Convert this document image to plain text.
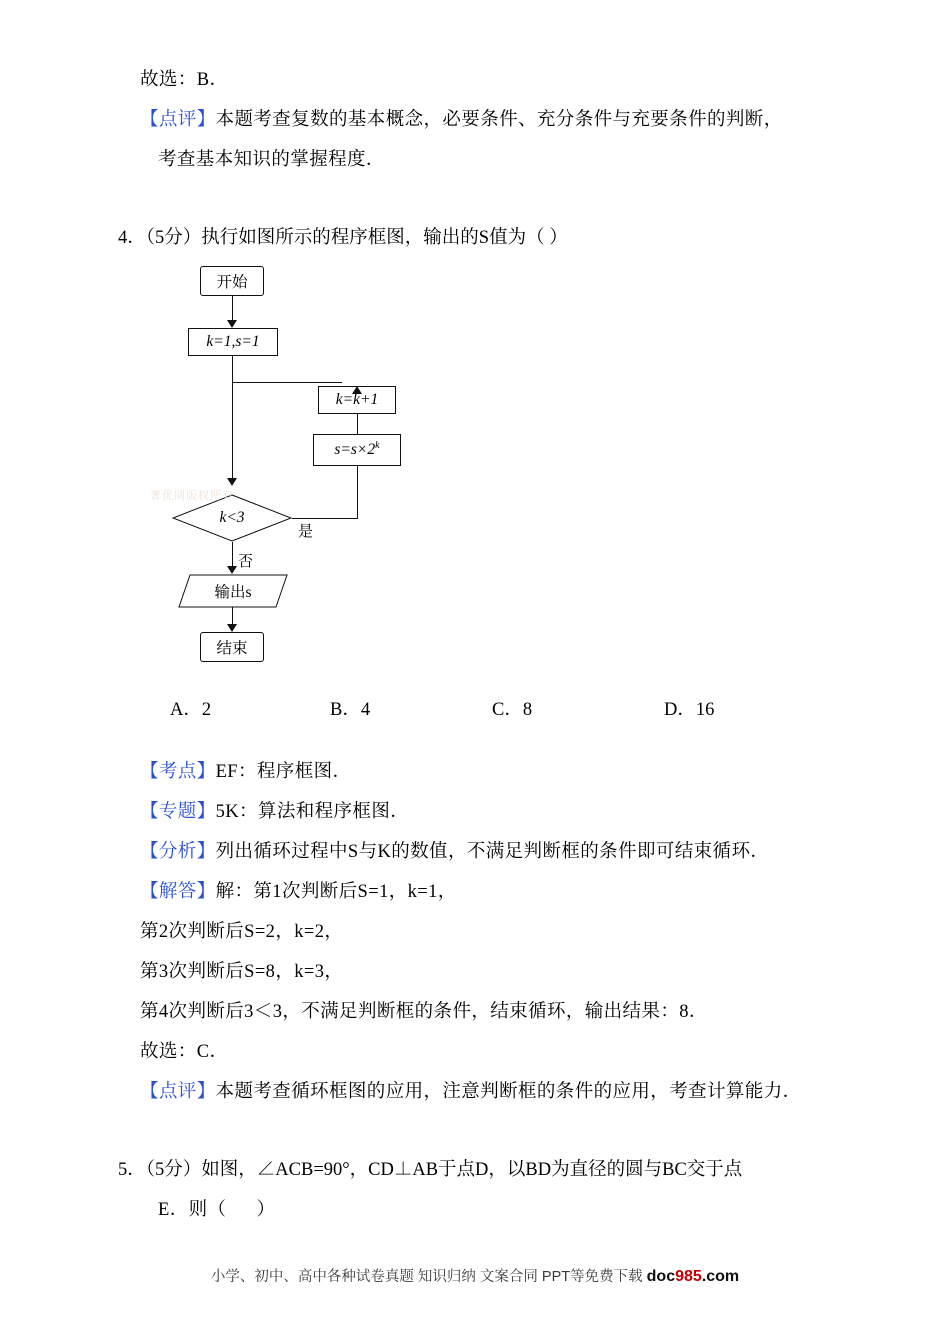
故选：B．
【点评】本题考查复数的基本概念，必要条件、充分条件与充要条件的判断，
考查基本知识的掌握程度．
4．（5分）执行如图所示的程序框图，输出的S值为（ ）
开始
k=1,s=1
k=k+1
$s=s\times 2^k$
k<3
是
否
输出s
结束
菁优网版权所有
A．2	B．4	C．8	D．16
【考点】EF：程序框图．
【专题】5K：算法和程序框图．
【分析】列出循环过程中S与K的数值，不满足判断框的条件即可结束循环．
【解答】解：第1次判断后S=1，k=1，
第2次判断后S=2，k=2，
第3次判断后S=8，k=3，
第4次判断后3＜3，不满足判断框的条件，结束循环，输出结果：8．
故选：C．
【点评】本题考查循环框图的应用，注意判断框的条件的应用，考查计算能力．
5．（5分）如图，∠ACB=90°，CD⊥AB于点D，以BD为直径的圆与BC交于点
E．则（      ）
小学、初中、高中各种试卷真题 知识归纳 文案合同 PPT等免费下载 doc985.com
